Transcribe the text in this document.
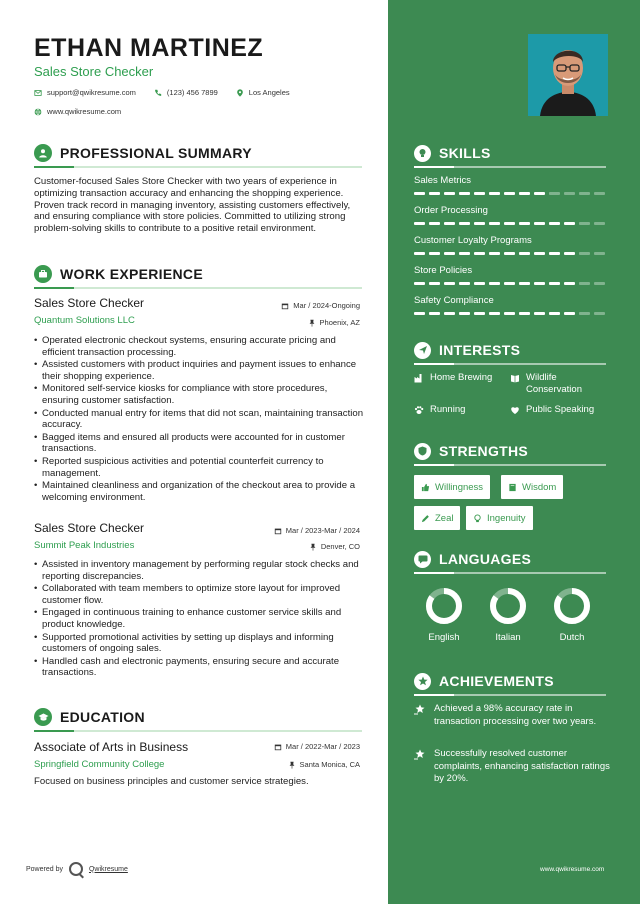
ETHAN MARTINEZ
Sales Store Checker
support@qwikresume.com	(123) 456 7899	Los Angeles
www.qwikresume.com
PROFESSIONAL SUMMARY
Customer-focused Sales Store Checker with two years of experience in optimizing transaction accuracy and enhancing the shopping experience. Proven track record in managing inventory, assisting customers effectively, and ensuring compliance with store policies. Committed to utilizing strong problem-solving skills to contribute to a positive retail environment.
WORK EXPERIENCE
Sales Store Checker	Mar / 2024-Ongoing
Quantum Solutions LLC	Phoenix, AZ
• Operated electronic checkout systems, ensuring accurate pricing and efficient transaction processing.
• Assisted customers with product inquiries and payment issues to enhance their shopping experience.
• Monitored self-service kiosks for compliance with store procedures, ensuring customer satisfaction.
• Conducted manual entry for items that did not scan, maintaining transaction accuracy.
• Bagged items and ensured all products were accounted for in customer transactions.
• Reported suspicious activities and potential counterfeit currency to management.
• Maintained cleanliness and organization of the checkout area to provide a welcoming environment.
Sales Store Checker	Mar / 2023-Mar / 2024
Summit Peak Industries	Denver, CO
• Assisted in inventory management by performing regular stock checks and reporting discrepancies.
• Collaborated with team members to optimize store layout for improved customer flow.
• Engaged in continuous training to enhance customer service skills and product knowledge.
• Supported promotional activities by setting up displays and informing customers of ongoing sales.
• Handled cash and electronic payments, ensuring secure and accurate transactions.
EDUCATION
Associate of Arts in Business	Mar / 2022-Mar / 2023
Springfield Community College	Santa Monica, CA
Focused on business principles and customer service strategies.
Powered by	Qwikresume
SKILLS
Sales Metrics
Order Processing
Customer Loyalty Programs
Store Policies
Safety Compliance
INTERESTS
Home Brewing	Wildlife Conservation
Running	Public Speaking
STRENGTHS
Willingness	Wisdom
Zeal	Ingenuity
LANGUAGES
English	Italian	Dutch
ACHIEVEMENTS
Achieved a 98% accuracy rate in transaction processing over two years.
Successfully resolved customer complaints, enhancing satisfaction ratings by 20%.
www.qwikresume.com
